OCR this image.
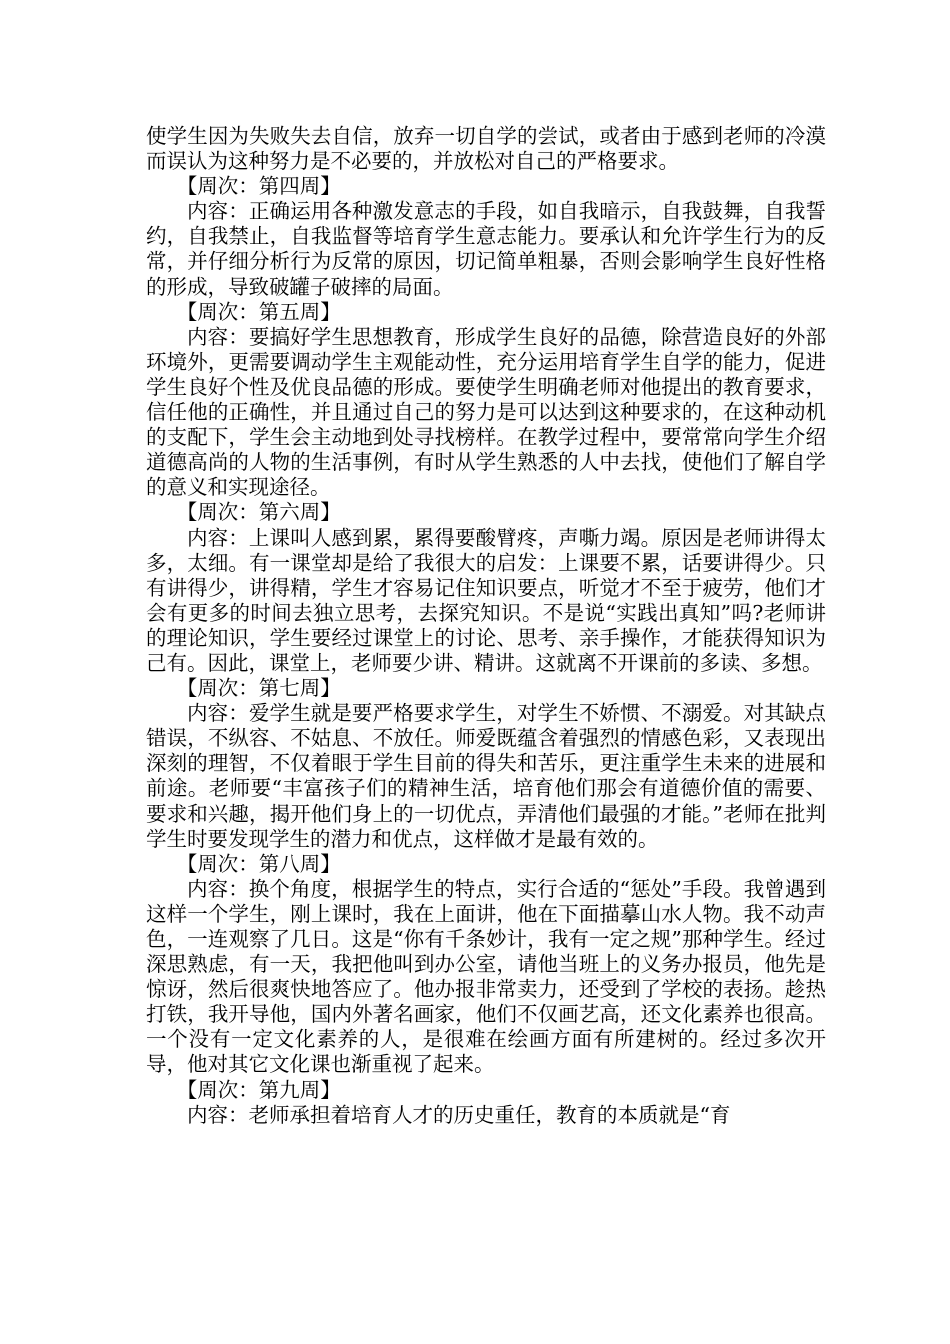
使学生因为失败失去自信，放弃一切自学的尝试，或者由于感到老师的冷漠而误认为这种努力是不必要的，并放松对自己的严格要求。

【周次：第四周】

内容：正确运用各种激发意志的手段，如自我暗示，自我鼓舞，自我誓约，自我禁止，自我监督等培育学生意志能力。要承认和允许学生行为的反常，并仔细分析行为反常的原因，切记简单粗暴，否则会影响学生良好性格的形成，导致破罐子破摔的局面。

【周次：第五周】

内容：要搞好学生思想教育，形成学生良好的品德，除营造良好的外部环境外，更需要调动学生主观能动性，充分运用培育学生自学的能力，促进学生良好个性及优良品德的形成。要使学生明确老师对他提出的教育要求，信任他的正确性，并且通过自己的努力是可以达到这种要求的，在这种动机的支配下，学生会主动地到处寻找榜样。在教学过程中，要常常向学生介绍道德高尚的人物的生活事例，有时从学生熟悉的人中去找，使他们了解自学的意义和实现途径。

【周次：第六周】

内容：上课叫人感到累，累得要酸臂疼，声嘶力竭。原因是老师讲得太多，太细。有一课堂却是给了我很大的启发：上课要不累，话要讲得少。只有讲得少，讲得精，学生才容易记住知识要点，听觉才不至于疲劳，他们才会有更多的时间去独立思考，去探究知识。不是说“实践出真知”吗?老师讲的理论知识，学生要经过课堂上的讨论、思考、亲手操作，才能获得知识为己有。因此，课堂上，老师要少讲、精讲。这就离不开课前的多读、多想。

【周次：第七周】

内容：爱学生就是要严格要求学生，对学生不娇惯、不溺爱。对其缺点错误，不纵容、不姑息、不放任。师爱既蕴含着强烈的情感色彩，又表现出深刻的理智，不仅着眼于学生目前的得失和苦乐，更注重学生未来的进展和前途。老师要“丰富孩子们的精神生活，培育他们那会有道德价值的需要、要求和兴趣，揭开他们身上的一切优点，弄清他们最强的才能。”老师在批判学生时要发现学生的潜力和优点，这样做才是最有效的。

【周次：第八周】

内容：换个角度，根据学生的特点，实行合适的“惩处”手段。我曾遇到这样一个学生，刚上课时，我在上面讲，他在下面描摹山水人物。我不动声色，一连观察了几日。这是“你有千条妙计，我有一定之规”那种学生。经过深思熟虑，有一天，我把他叫到办公室，请他当班上的义务办报员，他先是惊讶，然后很爽快地答应了。他办报非常卖力，还受到了学校的表扬。趁热打铁，我开导他，国内外著名画家，他们不仅画艺高，还文化素养也很高。一个没有一定文化素养的人，是很难在绘画方面有所建树的。经过多次开导，他对其它文化课也渐重视了起来。

【周次：第九周】

内容：老师承担着培育人才的历史重任，教育的本质就是“育
